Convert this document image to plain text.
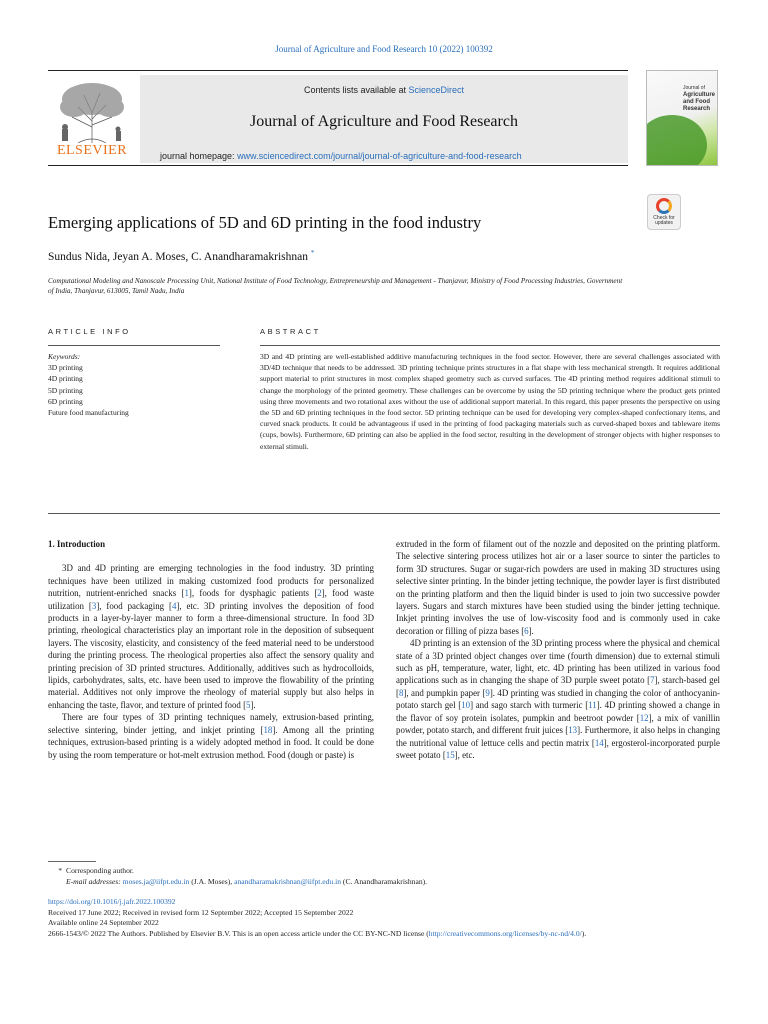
Journal of Agriculture and Food Research 10 (2022) 100392
ELSEVIER
Contents lists available at ScienceDirect
Journal of Agriculture and Food Research
journal homepage: www.sciencedirect.com/journal/journal-of-agriculture-and-food-research
Journal of
Agriculture
and Food
Research
Emerging applications of 5D and 6D printing in the food industry	Check for updates
Sundus Nida, Jeyan A. Moses, C. Anandharamakrishnan *
Computational Modeling and Nanoscale Processing Unit, National Institute of Food Technology, Entrepreneurship and Management - Thanjavur, Ministry of Food Processing Industries, Government of India, Thanjavur, 613005, Tamil Nadu, India
ARTICLE INFO	ABSTRACT
Keywords:
3D printing
4D printing
5D printing
6D printing
Future food manufacturing
3D and 4D printing are well-established additive manufacturing techniques in the food sector. However, there are several challenges associated with 3D/4D technique that needs to be addressed. 3D printing technique prints structures in a flat shape with less mechanical strength. It requires additional support material to print structures in most complex shaped geometry such as curved surfaces. The 4D printing method requires additional stimuli to change the morphology of the printed geometry. These challenges can be overcome by using the 5D printing technique where the product gets printed using three movements and two rotational axes without the use of additional support material. In this regard, this paper presents the perspective on using the 5D and 6D printing techniques in the food sector. 5D printing technique can be used for developing very complex-shaped confectionary items, and curved snack products. It could be advantageous if used in the printing of food packaging materials such as curved-shaped boxes and tableware items (cups, bowls). Furthermore, 6D printing can also be applied in the food sector, resulting in the development of stronger objects with higher responses to external stimuli.
1. Introduction

3D and 4D printing are emerging technologies in the food industry. 3D printing techniques have been utilized in making customized food products for personalized nutrition, nutrient-enriched snacks [1], foods for dysphagic patients [2], food waste utilization [3], food packaging [4], etc. 3D printing involves the deposition of food products in a layer-by-layer manner to form a three-dimensional structure. In food 3D printing, rheological characteristics play an important role in the deposition of subsequent layers. The viscosity, elasticity, and consistency of the feed material need to be understood during the printing process. The rheological properties also affect the sensory quality and printing precision of 3D printed structures. Additionally, additives such as hydrocolloids, lipids, carbohydrates, salts, etc. have been used to improve the flowability of the printing material. Additives not only improve the rheology of material supply but also helps in enhancing the taste, flavor, and texture of printed food [5].

There are four types of 3D printing techniques namely, extrusion-based printing, selective sintering, binder jetting, and inkjet printing [18]. Among all the printing techniques, extrusion-based printing is a widely adopted method in food. It could be done by using the room temperature or hot-melt extrusion method. Food (dough or paste) is

extruded in the form of filament out of the nozzle and deposited on the printing platform. The selective sintering process utilizes hot air or a laser source to sinter the particles to form 3D structures. Sugar or sugar-rich powders are used in making 3D structures using selective sinter printing. In the binder jetting technique, the powder layer is first distributed on the printing platform and then the liquid binder is used to join two successive powder layers. Sugars and starch mixtures have been studied using the binder jetting technique. Inkjet printing involves the use of low-viscosity food and is commonly used in cake decoration or filling of pizza bases [6].

4D printing is an extension of the 3D printing process where the physical and chemical state of a 3D printed object changes over time (fourth dimension) due to external stimuli such as pH, temperature, water, light, etc. 4D printing has been utilized in various food applications such as in changing the shape of 3D purple sweet potato [7], starch-based gel [8], and pumpkin paper [9]. 4D printing was studied in changing the color of anthocyanin-potato starch gel [10] and sago starch with turmeric [11]. 4D printing showed a change in the flavor of soy protein isolates, pumpkin and beetroot powder [12], a mix of vanillin powder, potato starch, and different fruit juices [13]. Furthermore, it also helps in changing the nutritional value of lettuce cells and pectin matrix [14], ergosterol-incorporated purple sweet potato [15], etc.

* Corresponding author.
E-mail addresses: moses.ja@iifpt.edu.in (J.A. Moses), anandharamakrishnan@iifpt.edu.in (C. Anandharamakrishnan).
https://doi.org/10.1016/j.jafr.2022.100392
Received 17 June 2022; Received in revised form 12 September 2022; Accepted 15 September 2022
Available online 24 September 2022
2666-1543/© 2022 The Authors. Published by Elsevier B.V. This is an open access article under the CC BY-NC-ND license (http://creativecommons.org/licenses/by-nc-nd/4.0/).
